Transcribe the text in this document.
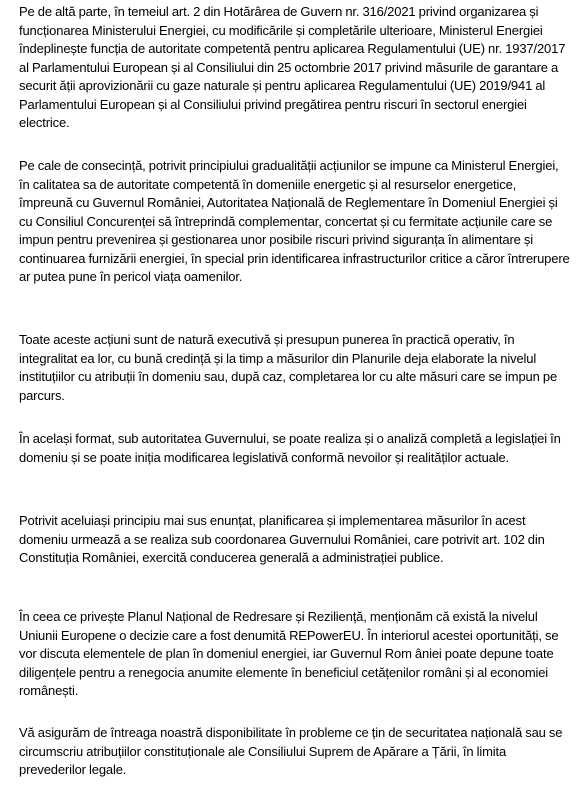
Pe de altă parte, în temeiul art. 2 din Hotărârea de Guvern nr. 316/2021 privind organizarea și funcționarea Ministerului Energiei, cu modificările și completările ulterioare, Ministerul Energiei îndeplinește funcția de autoritate competentă pentru aplicarea Regulamentului (UE) nr. 1937/2017 al Parlamentului European și al Consiliului din 25 octombrie 2017 privind măsurile de garantare a securit ății aprovizionării cu gaze naturale și pentru aplicarea Regulamentului (UE) 2019/941 al Parlamentului European și al Consiliului privind pregătirea pentru riscuri în sectorul energiei electrice.

Pe cale de consecință, potrivit principiului gradualității acțiunilor se impune ca Ministerul Energiei, în calitatea sa de autoritate competentă în domeniile energetic și al resurselor energetice, împreună cu Guvernul României, Autoritatea Națională de Reglementare în Domeniul Energiei și cu Consiliul Concurenței să întreprindă complementar, concertat și cu fermitate acțiunile care se impun pentru prevenirea și gestionarea unor posibile riscuri privind siguranța în alimentare și continuarea furnizării energiei, în special prin identificarea infrastructurilor critice a căror întrerupere ar putea pune în pericol viața oamenilor.

Toate aceste acțiuni sunt de natură executivă și presupun punerea în practică operativ, în integralitat ea lor, cu bună credință și la timp a măsurilor din Planurile deja elaborate la nivelul instituțiilor cu atribuții în domeniu sau, după caz, completarea lor cu alte măsuri care se impun pe parcurs.

În același format, sub autoritatea Guvernului, se poate realiza și o analiză completă a legislației în domeniu și se poate iniția modificarea legislativă conformă nevoilor și realităților actuale.

Potrivit aceluiași principiu mai sus enunțat, planificarea și implementarea măsurilor în acest domeniu urmează a se realiza sub coordonarea Guvernului României, care potrivit art. 102 din Constituția României, exercită conducerea generală a administrației publice.

În ceea ce privește Planul Național de Redresare și Reziliență, menționăm că există la nivelul Uniunii Europene o decizie care a fost denumită REPowerEU. În interiorul acestei oportunități, se vor discuta elementele de plan în domeniul energiei, iar Guvernul Rom âniei poate depune toate diligențele pentru a renegocia anumite elemente în beneficiul cetățenilor români și al economiei românești.

Vă asigurăm de întreaga noastră disponibilitate în probleme ce țin de securitatea națională sau se circumscriu atribuțiilor constituționale ale Consiliului Suprem de Apărare a Țării, în limita prevederilor legale.
